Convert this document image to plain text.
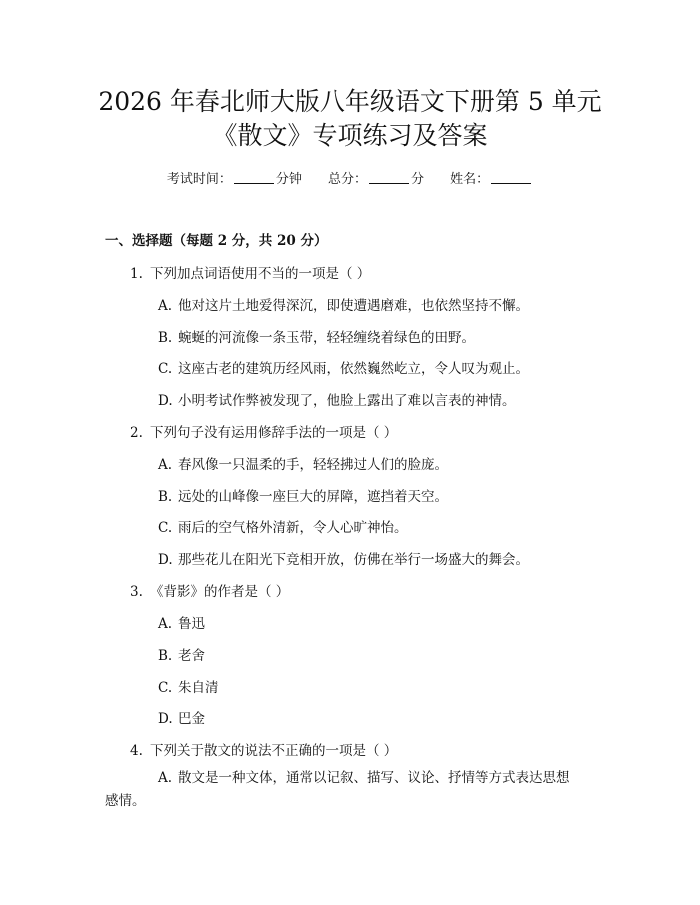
2026 年春北师大版八年级语文下册第 5 单元
《散文》专项练习及答案
考试时间：	分钟 总分：	分 姓名：
一、选择题（每题 2 分，共 20 分）
1. 下列加点词语使用不当的一项是（ ）
A. 他对这片土地爱得深沉，即使遭遇磨难，也依然坚持不懈。
B. 蜿蜒的河流像一条玉带，轻轻缠绕着绿色的田野。
C. 这座古老的建筑历经风雨，依然巍然屹立，令人叹为观止。
D. 小明考试作弊被发现了，他脸上露出了难以言表的神情。
2. 下列句子没有运用修辞手法的一项是（ ）
A. 春风像一只温柔的手，轻轻拂过人们的脸庞。
B. 远处的山峰像一座巨大的屏障，遮挡着天空。
C. 雨后的空气格外清新，令人心旷神怡。
D. 那些花儿在阳光下竞相开放，仿佛在举行一场盛大的舞会。
3. 《背影》的作者是（ ）
A. 鲁迅
B. 老舍
C. 朱自清
D. 巴金
4. 下列关于散文的说法不正确的一项是（ ）
A. 散文是一种文体，通常以记叙、描写、议论、抒情等方式表达思想感情。
